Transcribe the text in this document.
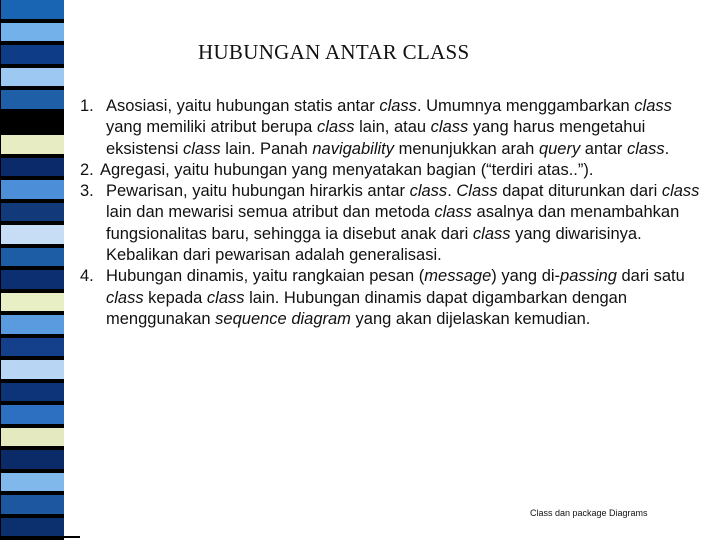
HUBUNGAN ANTAR CLASS
1. Asosiasi, yaitu hubungan statis antar class. Umumnya menggambarkan class yang memiliki atribut berupa class lain, atau class yang harus mengetahui eksistensi class lain. Panah navigability menunjukkan arah query antar class.
2. Agregasi, yaitu hubungan yang menyatakan bagian (“terdiri atas..”).
3. Pewarisan, yaitu hubungan hirarkis antar class. Class dapat diturunkan dari class lain dan mewarisi semua atribut dan metoda class asalnya dan menambahkan fungsionalitas baru, sehingga ia disebut anak dari class yang diwarisinya. Kebalikan dari pewarisan adalah generalisasi.
4. Hubungan dinamis, yaitu rangkaian pesan (message) yang di-passing dari satu class kepada class lain. Hubungan dinamis dapat digambarkan dengan menggunakan sequence diagram yang akan dijelaskan kemudian.
Class dan package Diagrams
